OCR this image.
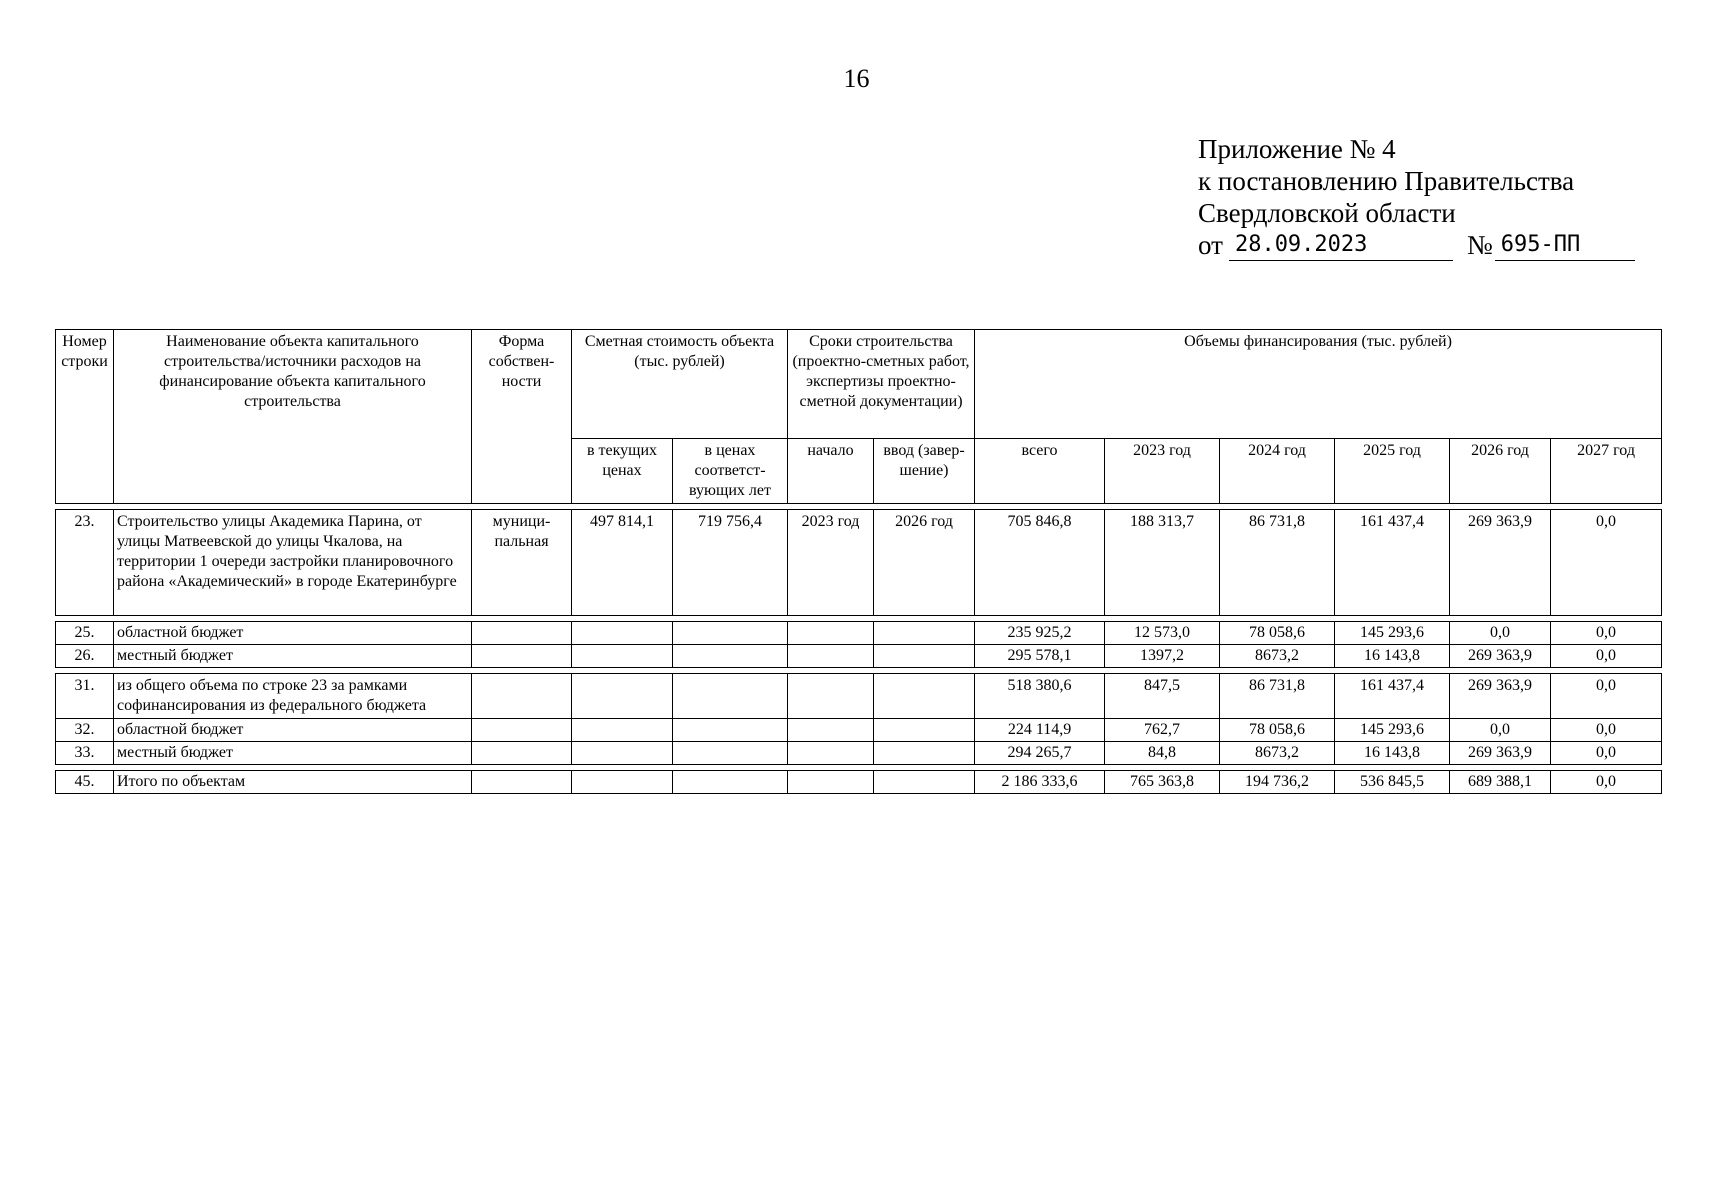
16
Приложение № 4
к постановлению Правительства
Свердловской области
от 28.09.2023	№ 695-ПП
Номер строки	Наименование объекта капитального строительства/источники расходов на финансирование объекта капитального строительства	Форма собствен-ности	Сметная стоимость объекта (тыс. рублей)		Сроки строительства (проектно-сметных работ, экспертизы проектно-сметной документации)		Объемы финансирования (тыс. рублей)					
			в текущих ценах	в ценах соответст-вующих лет	начало	ввод (завер-шение)	всего	2023 год	2024 год	2025 год	2026 год	2027 год

23.	Строительство улицы Академика Парина, от улицы Матвеевской до улицы Чкалова, на территории 1 очереди застройки планировочного района «Академический» в городе Екатеринбурге	муници-пальная	497 814,1	719 756,4	2023 год	2026 год	705 846,8	188 313,7	86 731,8	161 437,4	269 363,9	0,0

25.	областной бюджет						235 925,2	12 573,0	78 058,6	145 293,6	0,0	0,0
26.	местный бюджет						295 578,1	1397,2	8673,2	16 143,8	269 363,9	0,0

31.	из общего объема по строке 23 за рамками софинансирования из федерального бюджета						518 380,6	847,5	86 731,8	161 437,4	269 363,9	0,0
32.	областной бюджет						224 114,9	762,7	78 058,6	145 293,6	0,0	0,0
33.	местный бюджет						294 265,7	84,8	8673,2	16 143,8	269 363,9	0,0

45.	Итого по объектам						2 186 333,6	765 363,8	194 736,2	536 845,5	689 388,1	0,0
